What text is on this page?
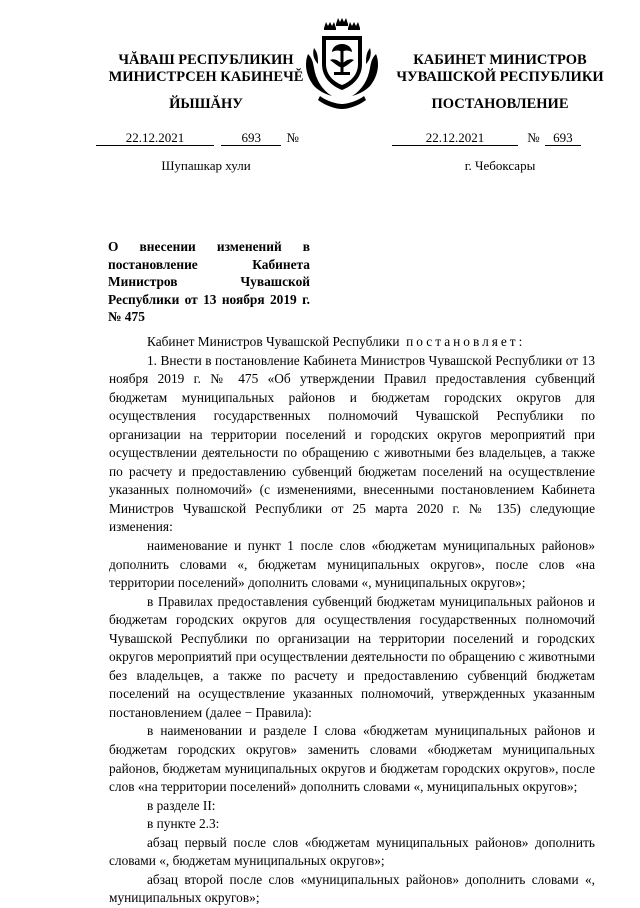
ЧĂВАШ РЕСПУБЛИКИН
МИНИСТРСЕН КАБИНЕЧĔ
ЙЫШĂНУ
КАБИНЕТ МИНИСТРОВ
ЧУВАШСКОЙ РЕСПУБЛИКИ
ПОСТАНОВЛЕНИЕ
22.12.2021	693 №	22.12.2021	№ 693
Шупашкар хули	г. Чебоксары
О внесении изменений в постановление Кабинета Министров Чувашской Республики от 13 ноября 2019 г. № 475

Кабинет Министров Чувашской Республики постановляет:

1. Внести в постановление Кабинета Министров Чувашской Республики от 13 ноября 2019 г. № 475 «Об утверждении Правил предоставления субвенций бюджетам муниципальных районов и бюджетам городских округов для осуществления государственных полномочий Чувашской Республики по организации на территории поселений и городских округов мероприятий при осуществлении деятельности по обращению с животными без владельцев, а также по расчету и предоставлению субвенций бюджетам поселений на осуществление указанных полномочий» (с изменениями, внесенными постановлением Кабинета Министров Чувашской Республики от 25 марта 2020 г. № 135) следующие изменения:

наименование и пункт 1 после слов «бюджетам муниципальных районов» дополнить словами «, бюджетам муниципальных округов», после слов «на территории поселений» дополнить словами «, муниципальных округов»;

в Правилах предоставления субвенций бюджетам муниципальных районов и бюджетам городских округов для осуществления государственных полномочий Чувашской Республики по организации на территории поселений и городских округов мероприятий при осуществлении деятельности по обращению с животными без владельцев, а также по расчету и предоставлению субвенций бюджетам поселений на осуществление указанных полномочий, утвержденных указанным постановлением (далее − Правила):

в наименовании и разделе I слова «бюджетам муниципальных районов и бюджетам городских округов» заменить словами «бюджетам муниципальных районов, бюджетам муниципальных округов и бюджетам городских округов», после слов «на территории поселений» дополнить словами «, муниципальных округов»;

в разделе II:

в пункте 2.3:

абзац первый после слов «бюджетам муниципальных районов» дополнить словами «, бюджетам муниципальных округов»;

абзац второй после слов «муниципальных районов» дополнить словами «, муниципальных округов»;
